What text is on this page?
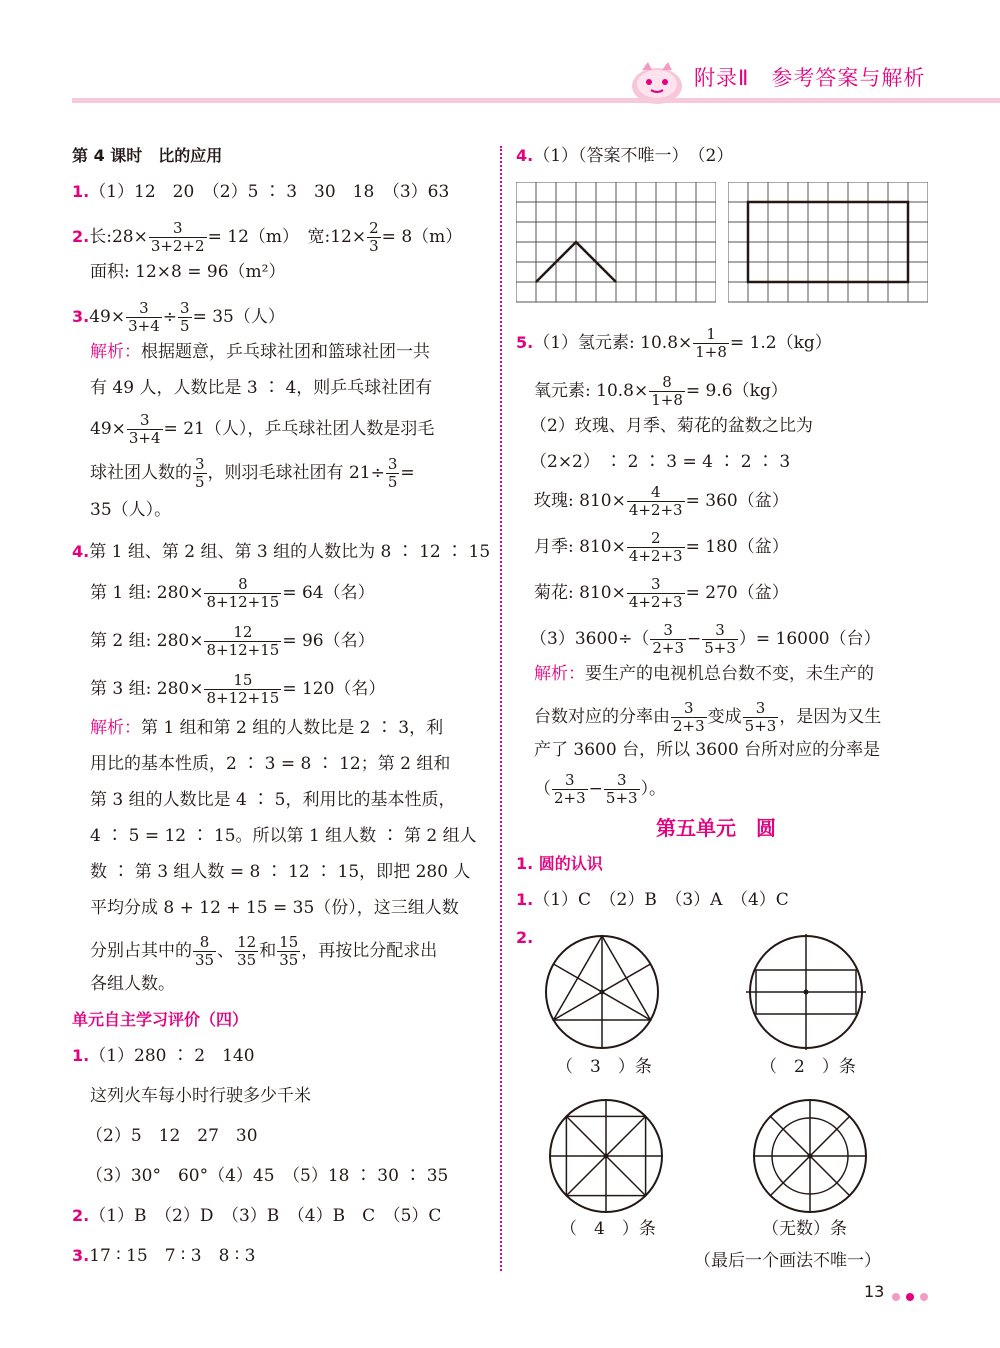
附录Ⅱ 参考答案与解析
第 4 课时　比的应用
1.（1）12　20　（2）5 ∶ 3　30　18　（3）63
2.长:28× $\frac{3}{3+2+2} = 12(m)$　宽:12× $\frac{2}{3} = 8(m)$
面积: 12×8 = 96（m²）
$3.49\times \frac{3}{3+4} \div \frac{3}{5} = 35$（人）
解析：根据题意，乒乓球社团和篮球社团一共
有 49 人，人数比是 3 ∶ 4，则乒乓球社团有
$49\times \frac{3}{3+4} = 21$（人），乒乓球社团人数是羽毛
球社团人数的 $\frac{3}{5}$ ，则羽毛球社团有 $21\div \frac{3}{5}$ =
35（人）。
4.第 1 组、第 2 组、第 3 组的人数比为 8 ∶ 12 ∶ 15
第 1 组: $280\times \frac{8}{8+12+15} = 64$（名）
第 2 组: $280\times \frac{12}{8+12+15} = 96$（名）
第 3 组: $280\times \frac{15}{8+12+15} = 120$（名）
解析：第 1 组和第 2 组的人数比是 2 ∶ 3，利
用比的基本性质，2 ∶ 3 = 8 ∶ 12；第 2 组和
第 3 组的人数比是 4 ∶ 5，利用比的基本性质，
4 ∶ 5 = 12 ∶ 15。所以第 1 组人数 ∶ 第 2 组人
数 ∶ 第 3 组人数 = 8 ∶ 12 ∶ 15，即把 280 人
平均分成 8 + 12 + 15 = 35（份），这三组人数
分别占其中的 $\frac{8}{35}$ 、 $\frac{12}{35}$ 和 $\frac{15}{35}$ ，再按比分配求出
各组人数。
单元自主学习评价（四）
1.（1）280 ∶ 2　140
这列火车每小时行驶多少千米
（2）5　12　27　30
（3）30°　60°（4）45　（5）18 ∶ 30 ∶ 35
2.（1）B　（2）D　（3）B　（4）B　C　（5）C
3.17 ∶ 15　7 ∶ 3　8 ∶ 3
4.（1）（答案不唯一）　（2）
5.（1）氢元素: $10.8\times \frac{1}{1+8} = 1.2(kg)$
氧元素: $10.8\times \frac{8}{1+8} = 9.6(kg)$
（2）玫瑰、月季、菊花的盆数之比为
（2×2） ∶ 2 ∶ 3 = 4 ∶ 2 ∶ 3
玫瑰: $810\times \frac{4}{4+2+3} = 360$（盆）
月季: $810\times \frac{2}{4+2+3} = 180$（盆）
菊花: $810\times \frac{3}{4+2+3} = 270$（盆）
$(3)3600\div( \frac{3}{2+3} - \frac{3}{5+3}$ ）= 16000（台）
解析：要生产的电视机总台数不变，未生产的
台数对应的分率由 $\frac{3}{2+3}$ 变成 $\frac{3}{5+3}$ ，是因为又生
产了 3600 台，所以 3600 台所对应的分率是
（ $\frac{3}{2+3} - \frac{3}{5+3}$ ）。
第五单元　圆
1. 圆的认识
1.（1）C　（2）B　（3）A　（4）C
2.
（　3　）条	（　2　）条
（　4　）条	（无数）条
（最后一个画法不唯一）
13
